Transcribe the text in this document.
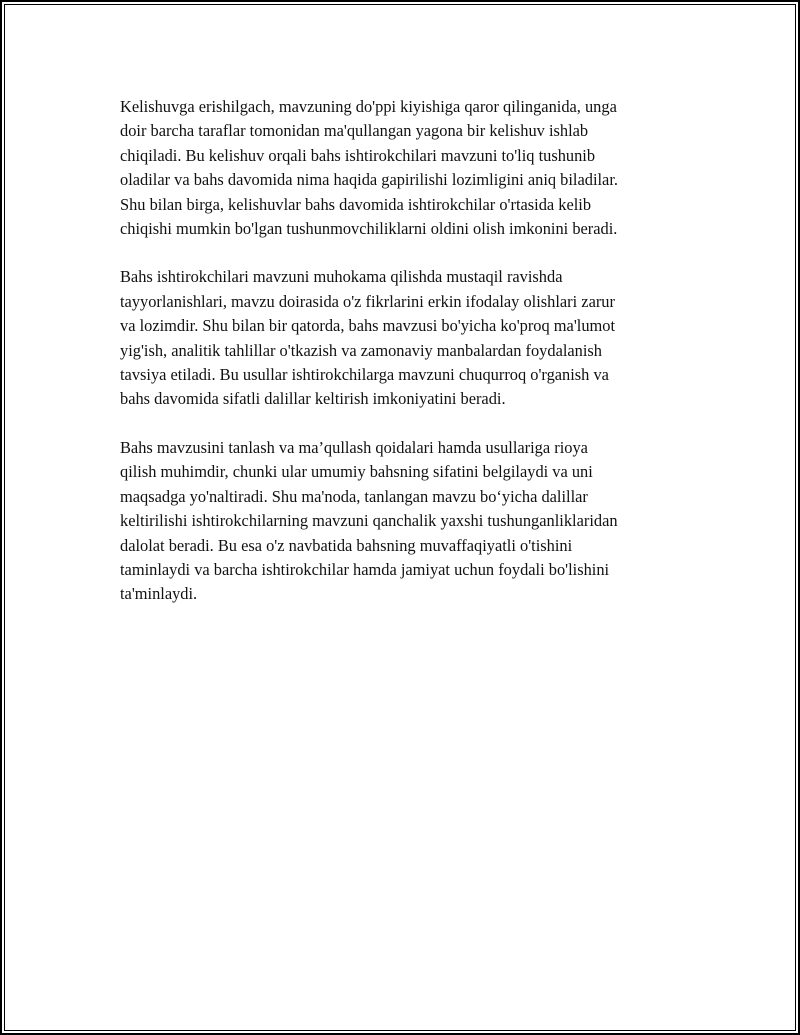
Kelishuvga erishilgach, mavzuning do'ppi kiyishiga qaror qilinganida, unga
doir barcha taraflar tomonidan ma'qullangan yagona bir kelishuv ishlab
chiqiladi. Bu kelishuv orqali bahs ishtirokchilari mavzuni to'liq tushunib
oladilar va bahs davomida nima haqida gapirilishi lozimligini aniq biladilar.
Shu bilan birga, kelishuvlar bahs davomida ishtirokchilar o'rtasida kelib
chiqishi mumkin bo'lgan tushunmovchiliklarni oldini olish imkonini beradi.

Bahs ishtirokchilari mavzuni muhokama qilishda mustaqil ravishda
tayyorlanishlari, mavzu doirasida o'z fikrlarini erkin ifodalay olishlari zarur
va lozimdir. Shu bilan bir qatorda, bahs mavzusi bo'yicha ko'proq ma'lumot
yig'ish, analitik tahlillar o'tkazish va zamonaviy manbalardan foydalanish
tavsiya etiladi. Bu usullar ishtirokchilarga mavzuni chuqurroq o'rganish va
bahs davomida sifatli dalillar keltirish imkoniyatini beradi.

Bahs mavzusini tanlash va ma’qullash qoidalari hamda usullariga rioya
qilish muhimdir, chunki ular umumiy bahsning sifatini belgilaydi va uni
maqsadga yo'naltiradi. Shu ma'noda, tanlangan mavzu bo‘yicha dalillar
keltirilishi ishtirokchilarning mavzuni qanchalik yaxshi tushunganliklaridan
dalolat beradi. Bu esa o'z navbatida bahsning muvaffaqiyatli o'tishini
taminlaydi va barcha ishtirokchilar hamda jamiyat uchun foydali bo'lishini
ta'minlaydi.
